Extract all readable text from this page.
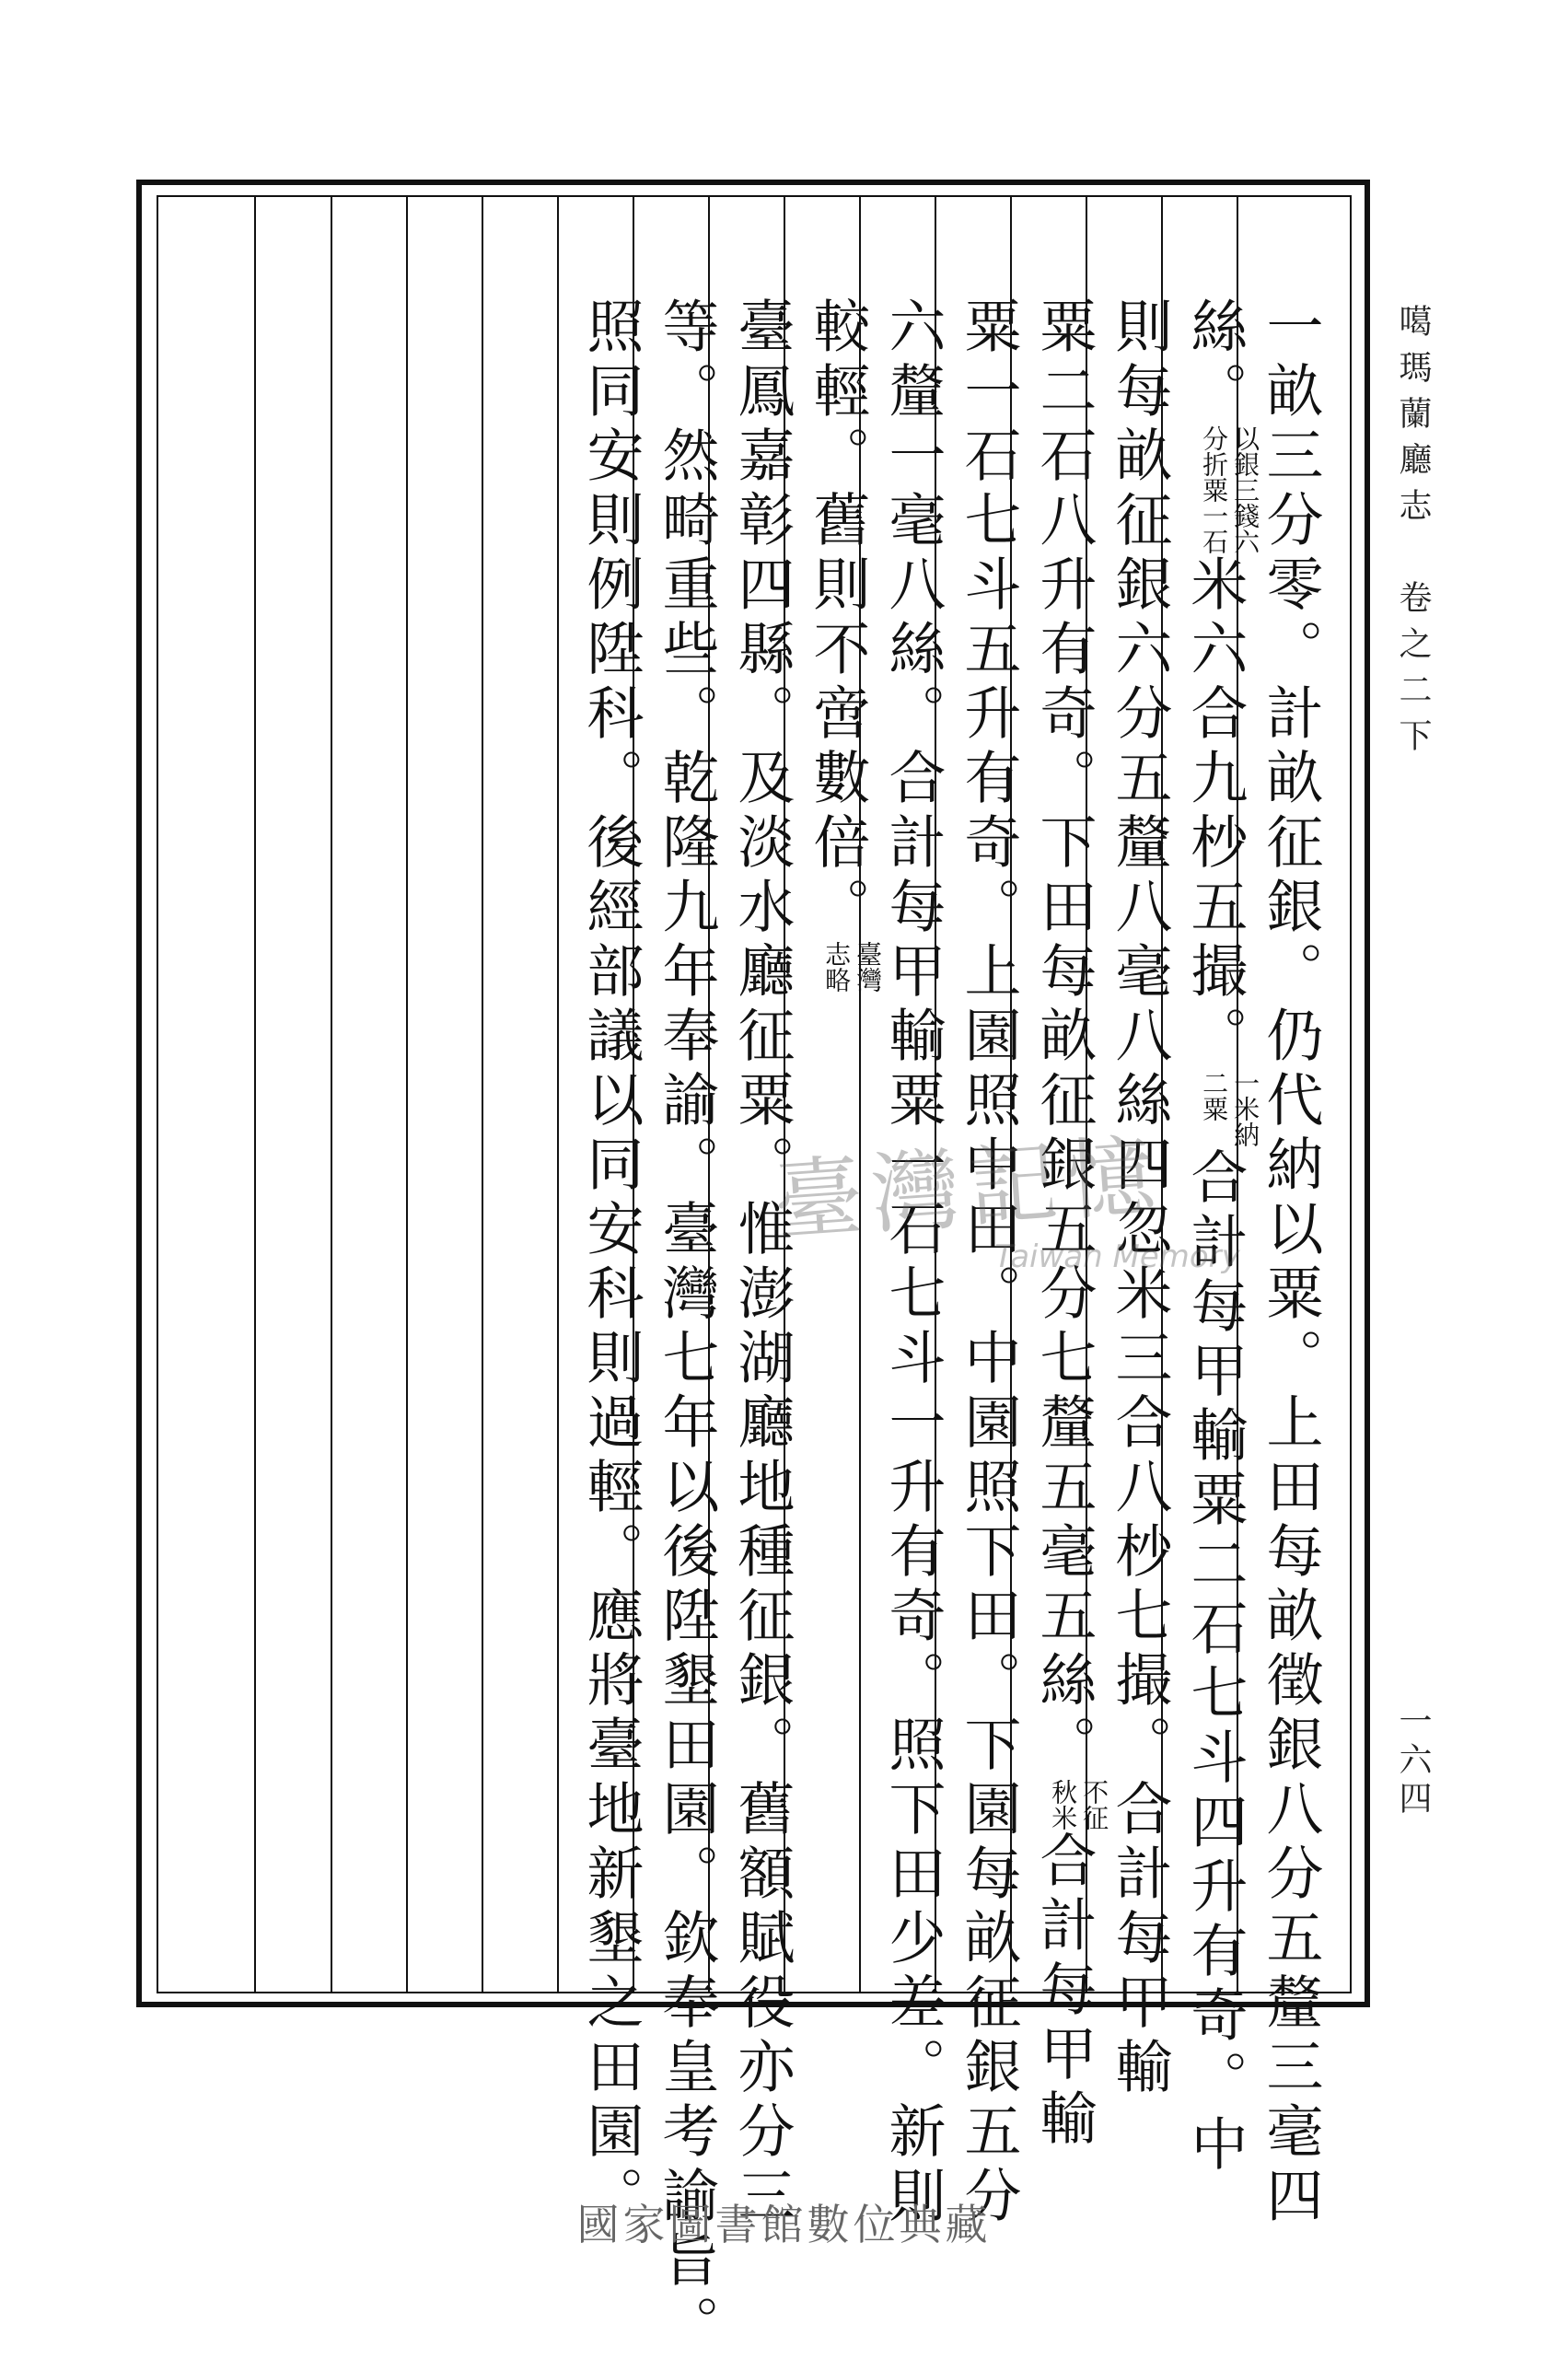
一畝三分零。計畝征銀。仍代納以粟。上田每畝徵銀八分五釐三毫四
絲。
以銀三錢六
分折粟一石
米六合九杪五撮。
一米納
二粟
合計每甲輸粟二石七斗四升有奇。中
則每畝征銀六分五釐八毫八絲四忽米三合八杪七撮。合計每甲輸
粟二石八升有奇。下田每畝征銀五分七釐五毫五絲。
不征
秋米
合計每甲輸
粟一石七斗五升有奇。上園照中田。中園照下田。下園每畝征銀五分
六釐一毫八絲。合計每甲輸粟一石七斗一升有奇。照下田少差。新則
較輕。舊則不啻數倍。
臺灣
志略
臺鳳嘉彰四縣。及淡水廳征粟。惟澎湖廳地種征銀。舊額賦役亦分三
等。然畸重些。乾隆九年奉諭。臺灣七年以後陞墾田園。欽奉皇考諭旨。
照同安則例陞科。後經部議以同安科則過輕。應將臺地新墾之田園。	噶瑪蘭廳志　卷之二下
一六四
臺灣記憶
Taiwan Memory
國家圖書館數位典藏
